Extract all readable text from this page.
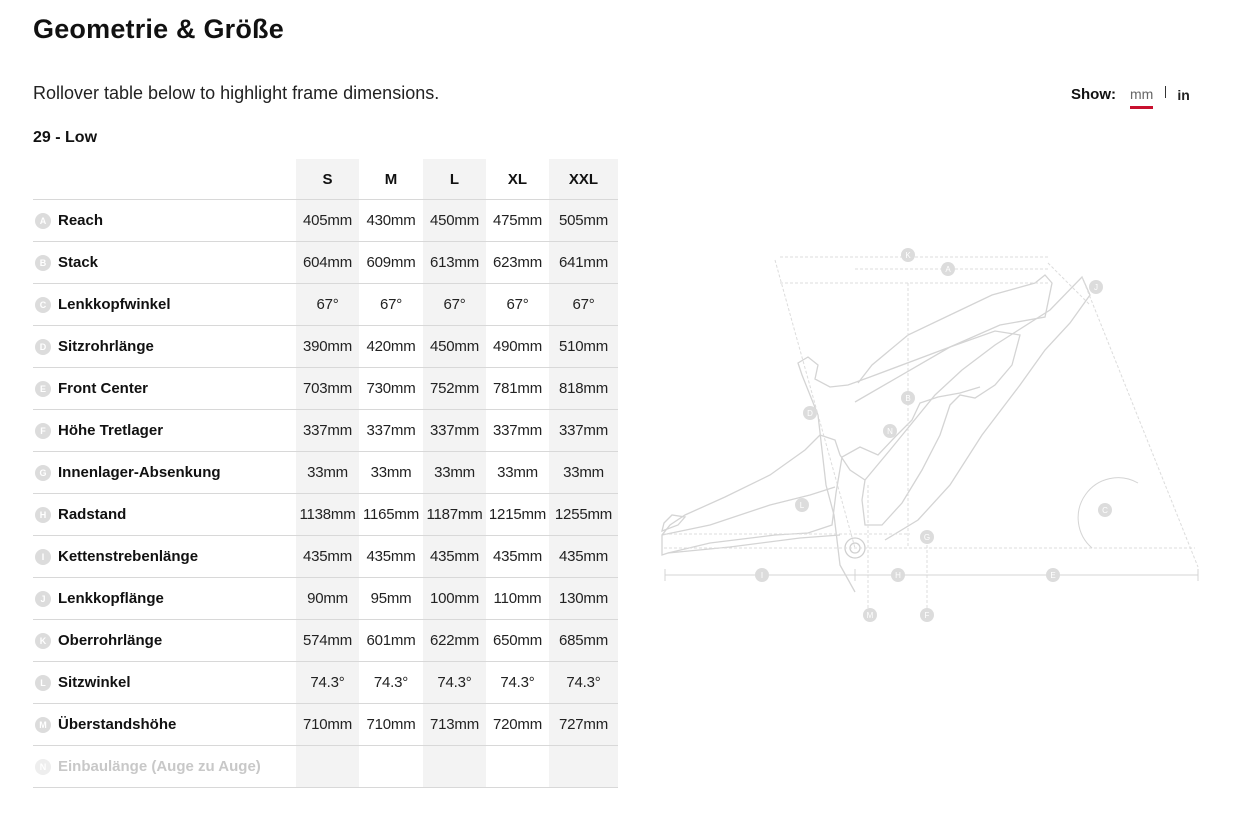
Geometrie & Größe
Rollover table below to highlight frame dimensions.	Show: mm in
29 - Low
	S	M	L	XL	XXL
A Reach	405mm	430mm	450mm	475mm	505mm
B Stack	604mm	609mm	613mm	623mm	641mm
C Lenkkopfwinkel	67°	67°	67°	67°	67°
D Sitzrohrlänge	390mm	420mm	450mm	490mm	510mm
E Front Center	703mm	730mm	752mm	781mm	818mm
F Höhe Tretlager	337mm	337mm	337mm	337mm	337mm
G Innenlager-Absenkung	33mm	33mm	33mm	33mm	33mm
H Radstand	1138mm	1165mm	1187mm	1215mm	1255mm
I Kettenstrebenlänge	435mm	435mm	435mm	435mm	435mm
J Lenkkopflänge	90mm	95mm	100mm	110mm	130mm
K Oberrohrlänge	574mm	601mm	622mm	650mm	685mm
L Sitzwinkel	74.3°	74.3°	74.3°	74.3°	74.3°
M Überstandshöhe	710mm	710mm	713mm	720mm	727mm
N Einbaulänge (Auge zu Auge)					
K
A
J
B
D
N
C
L
G
I	H	E
M	F
